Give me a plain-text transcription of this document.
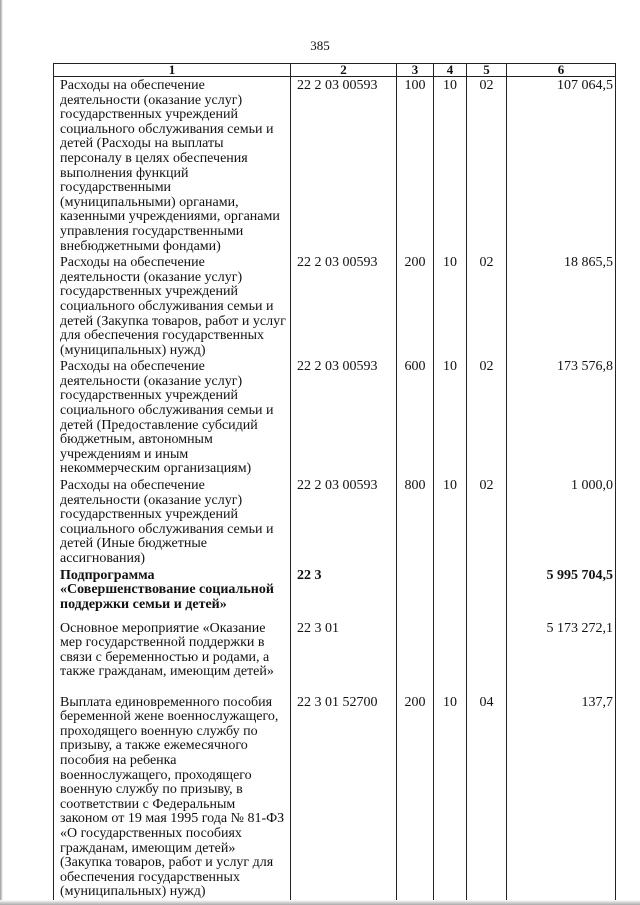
385
1	2	3	4	5	6
Расходы на обеспечение деятельности (оказание услуг) государственных учреждений социального обслуживания семьи и детей (Расходы на выплаты персоналу в целях обеспечения выполнения функций государственными (муниципальными) органами, казенными учреждениями, органами управления государственными внебюджетными фондами)	22 2 03 00593	100	10	02	107 064,5
Расходы на обеспечение деятельности (оказание услуг) государственных учреждений социального обслуживания семьи и детей (Закупка товаров, работ и услуг для обеспечения государственных (муниципальных) нужд)	22 2 03 00593	200	10	02	18 865,5
Расходы на обеспечение деятельности (оказание услуг) государственных учреждений социального обслуживания семьи и детей (Предоставление субсидий бюджетным, автономным учреждениям и иным некоммерческим организациям)	22 2 03 00593	600	10	02	173 576,8
Расходы на обеспечение деятельности (оказание услуг) государственных учреждений социального обслуживания семьи и детей (Иные бюджетные ассигнования)	22 2 03 00593	800	10	02	1 000,0
Подпрограмма «Совершенствование социальной поддержки семьи и детей»	22 3				5 995 704,5
Основное мероприятие «Оказание мер государственной поддержки в связи с беременностью и родами, а также гражданам, имеющим детей»	22 3 01				5 173 272,1
Выплата единовременного пособия беременной жене военнослужащего, проходящего военную службу по призыву, а также ежемесячного пособия на ребенка военнослужащего, проходящего военную службу по призыву, в соответствии с Федеральным законом от 19 мая 1995 года № 81-ФЗ «О государственных пособиях гражданам, имеющим детей» (Закупка товаров, работ и услуг для обеспечения государственных (муниципальных) нужд)	22 3 01 52700	200	10	04	137,7
